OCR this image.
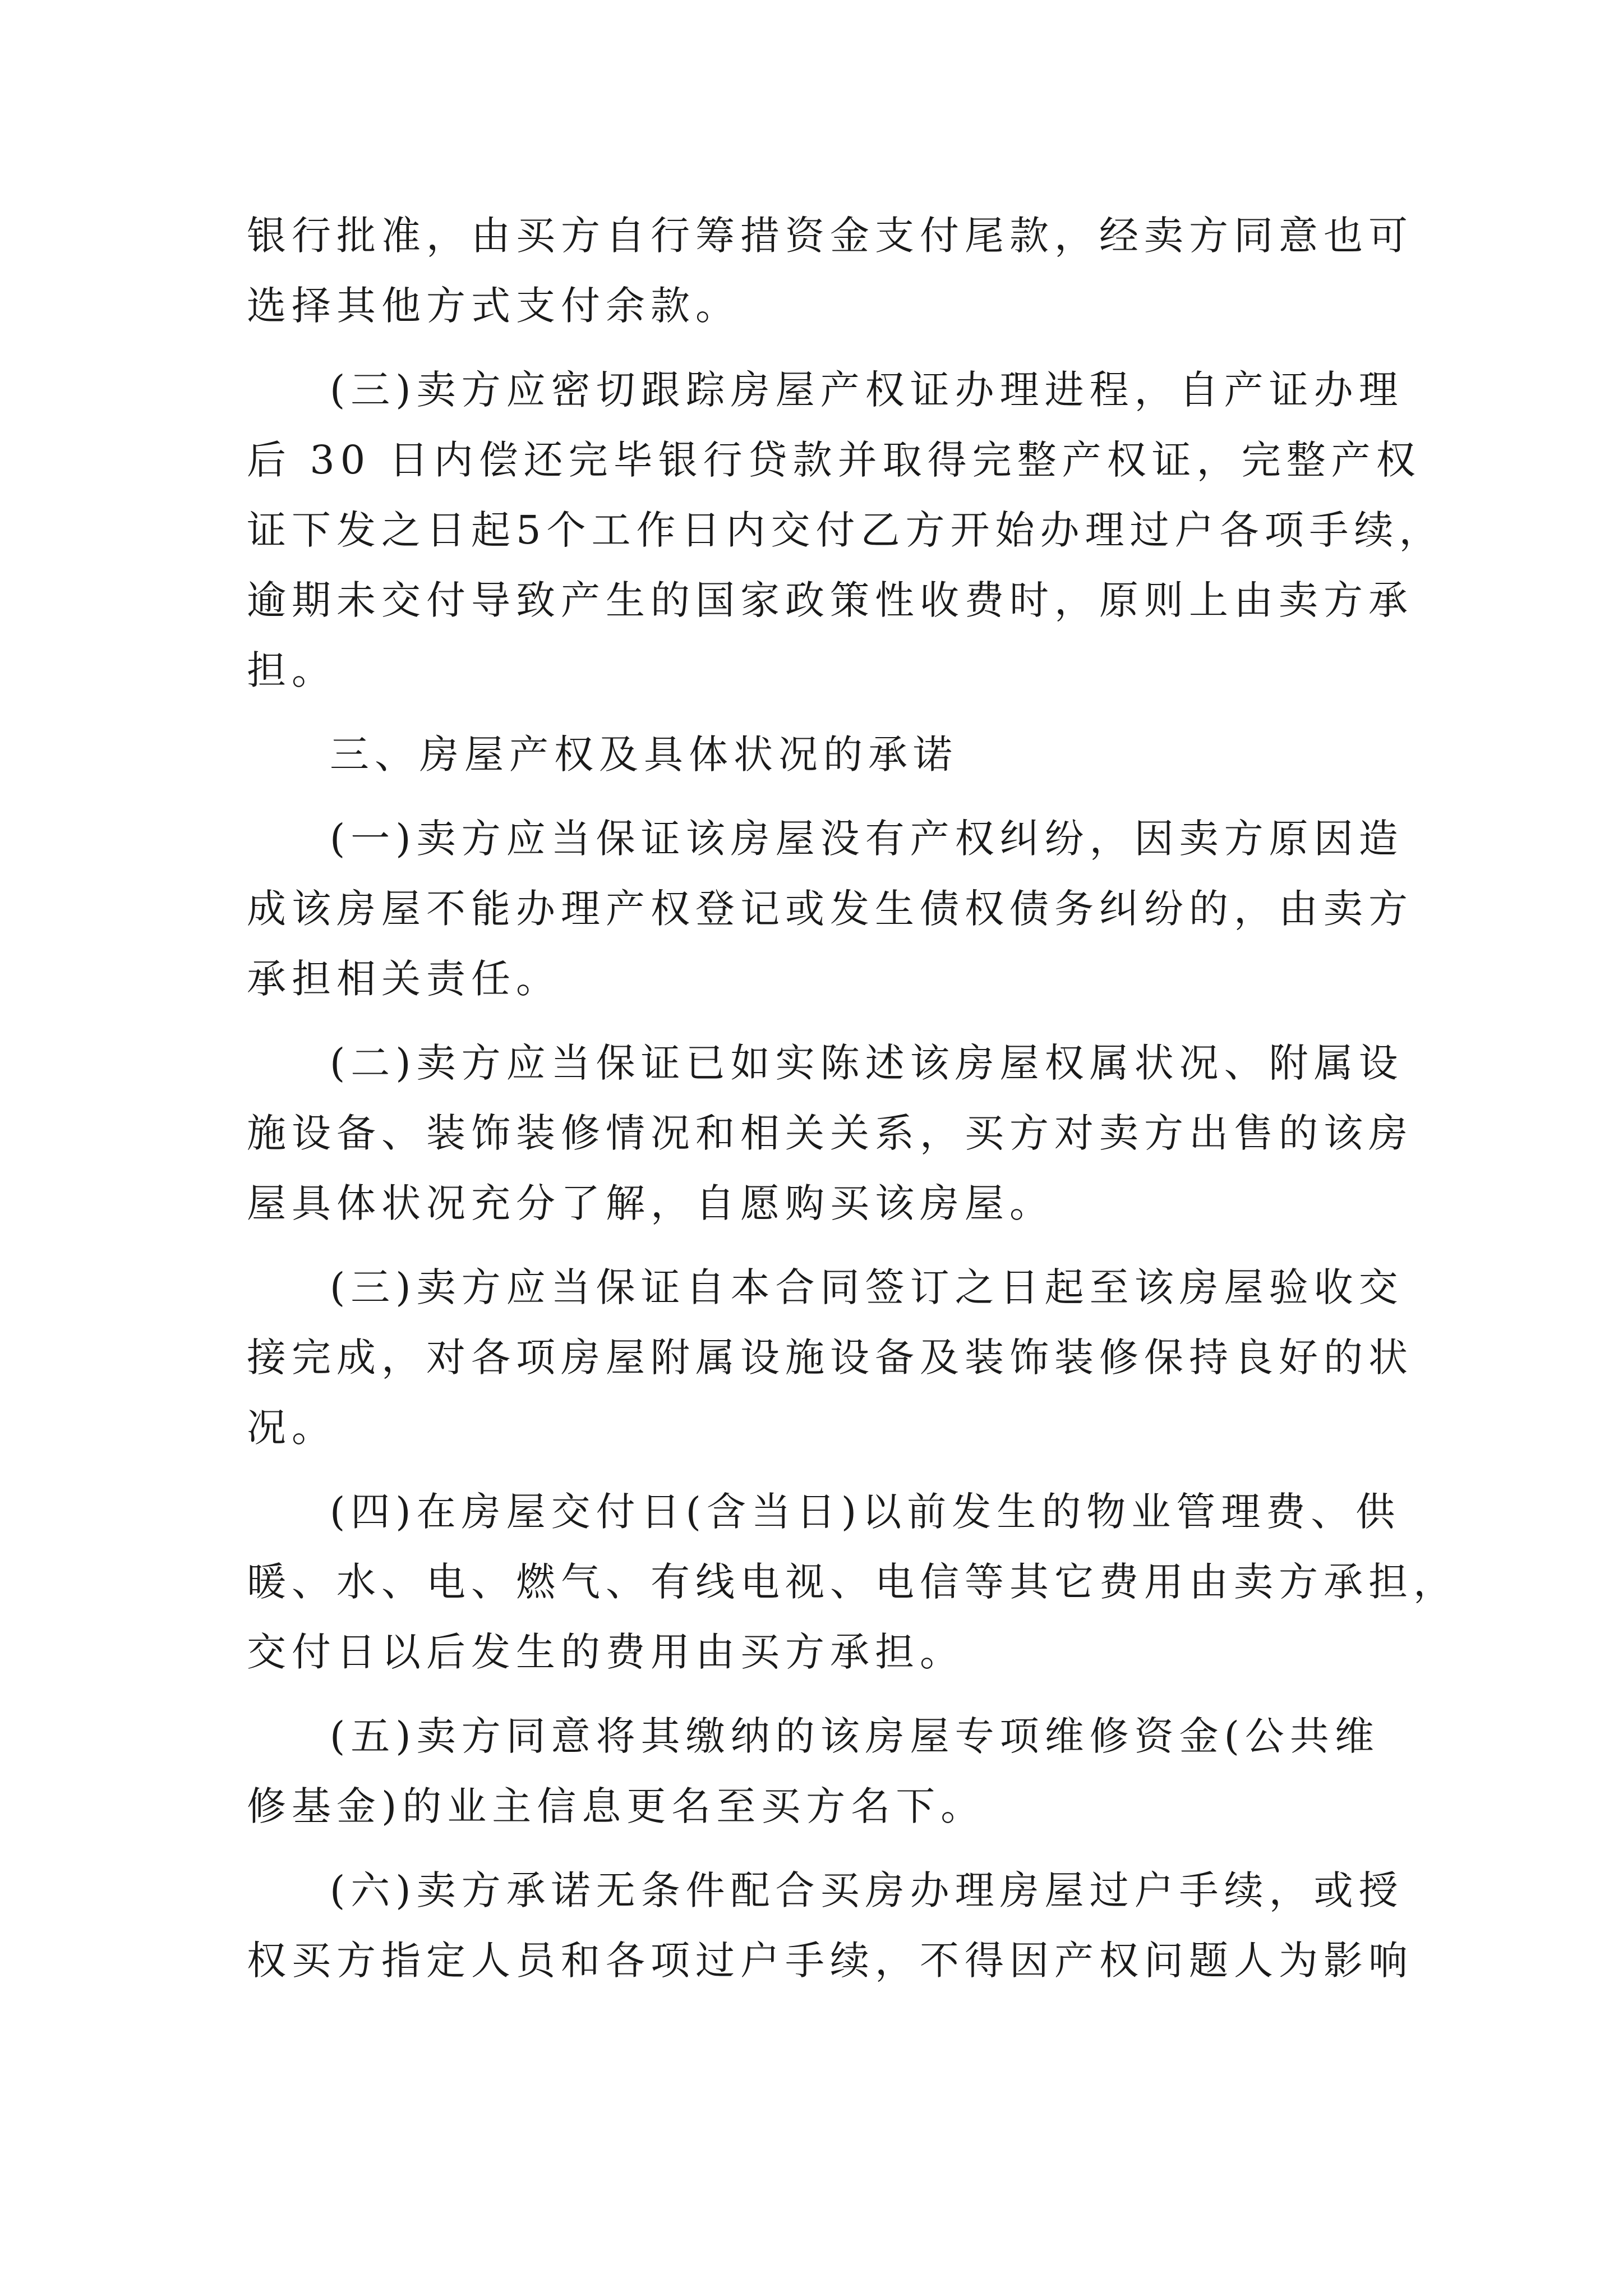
银行批准，由买方自行筹措资金支付尾款，经卖方同意也可
选择其他方式支付余款。
(三)卖方应密切跟踪房屋产权证办理进程，自产证办理
后 30 日内偿还完毕银行贷款并取得完整产权证，完整产权
证下发之日起5个工作日内交付乙方开始办理过户各项手续，
逾期未交付导致产生的国家政策性收费时，原则上由卖方承
担。
三、房屋产权及具体状况的承诺
(一)卖方应当保证该房屋没有产权纠纷，因卖方原因造
成该房屋不能办理产权登记或发生债权债务纠纷的，由卖方
承担相关责任。
(二)卖方应当保证已如实陈述该房屋权属状况、附属设
施设备、装饰装修情况和相关关系，买方对卖方出售的该房
屋具体状况充分了解，自愿购买该房屋。
(三)卖方应当保证自本合同签订之日起至该房屋验收交
接完成，对各项房屋附属设施设备及装饰装修保持良好的状
况。
(四)在房屋交付日(含当日)以前发生的物业管理费、供
暖、水、电、燃气、有线电视、电信等其它费用由卖方承担，
交付日以后发生的费用由买方承担。
(五)卖方同意将其缴纳的该房屋专项维修资金(公共维
修基金)的业主信息更名至买方名下。
(六)卖方承诺无条件配合买房办理房屋过户手续，或授
权买方指定人员和各项过户手续，不得因产权问题人为影响
